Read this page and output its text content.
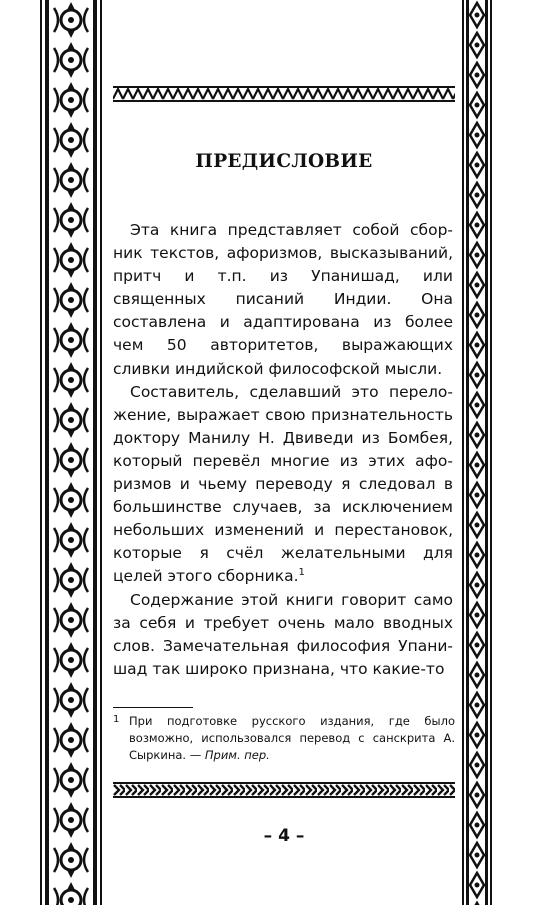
ПРЕДИСЛОВИЕ

Эта книга представляет собой сборник текстов, афоризмов, высказываний, притч и т.п. из Упанишад, или священных писаний Индии. Она составлена и адаптирована из более чем 50 авторитетов, выражающих сливки индийской философской мысли.

Составитель, сделавший это переложение, выражает свою признательность доктору Манилу Н. Двиведи из Бомбея, который перевёл многие из этих афоризмов и чьему переводу я следовал в большинстве случаев, за исключением небольших изменений и перестановок, которые я счёл желательными для целей этого сборника.$^1$

Содержание этой книги говорит само за себя и требует очень мало вводных слов. Замечательная философия Упанишад так широко признана, что какие-то

1 При подготовке русского издания, где было возможно, использовался перевод с санскрита А. Сыркина. — Прим. пер.

– 4 –
